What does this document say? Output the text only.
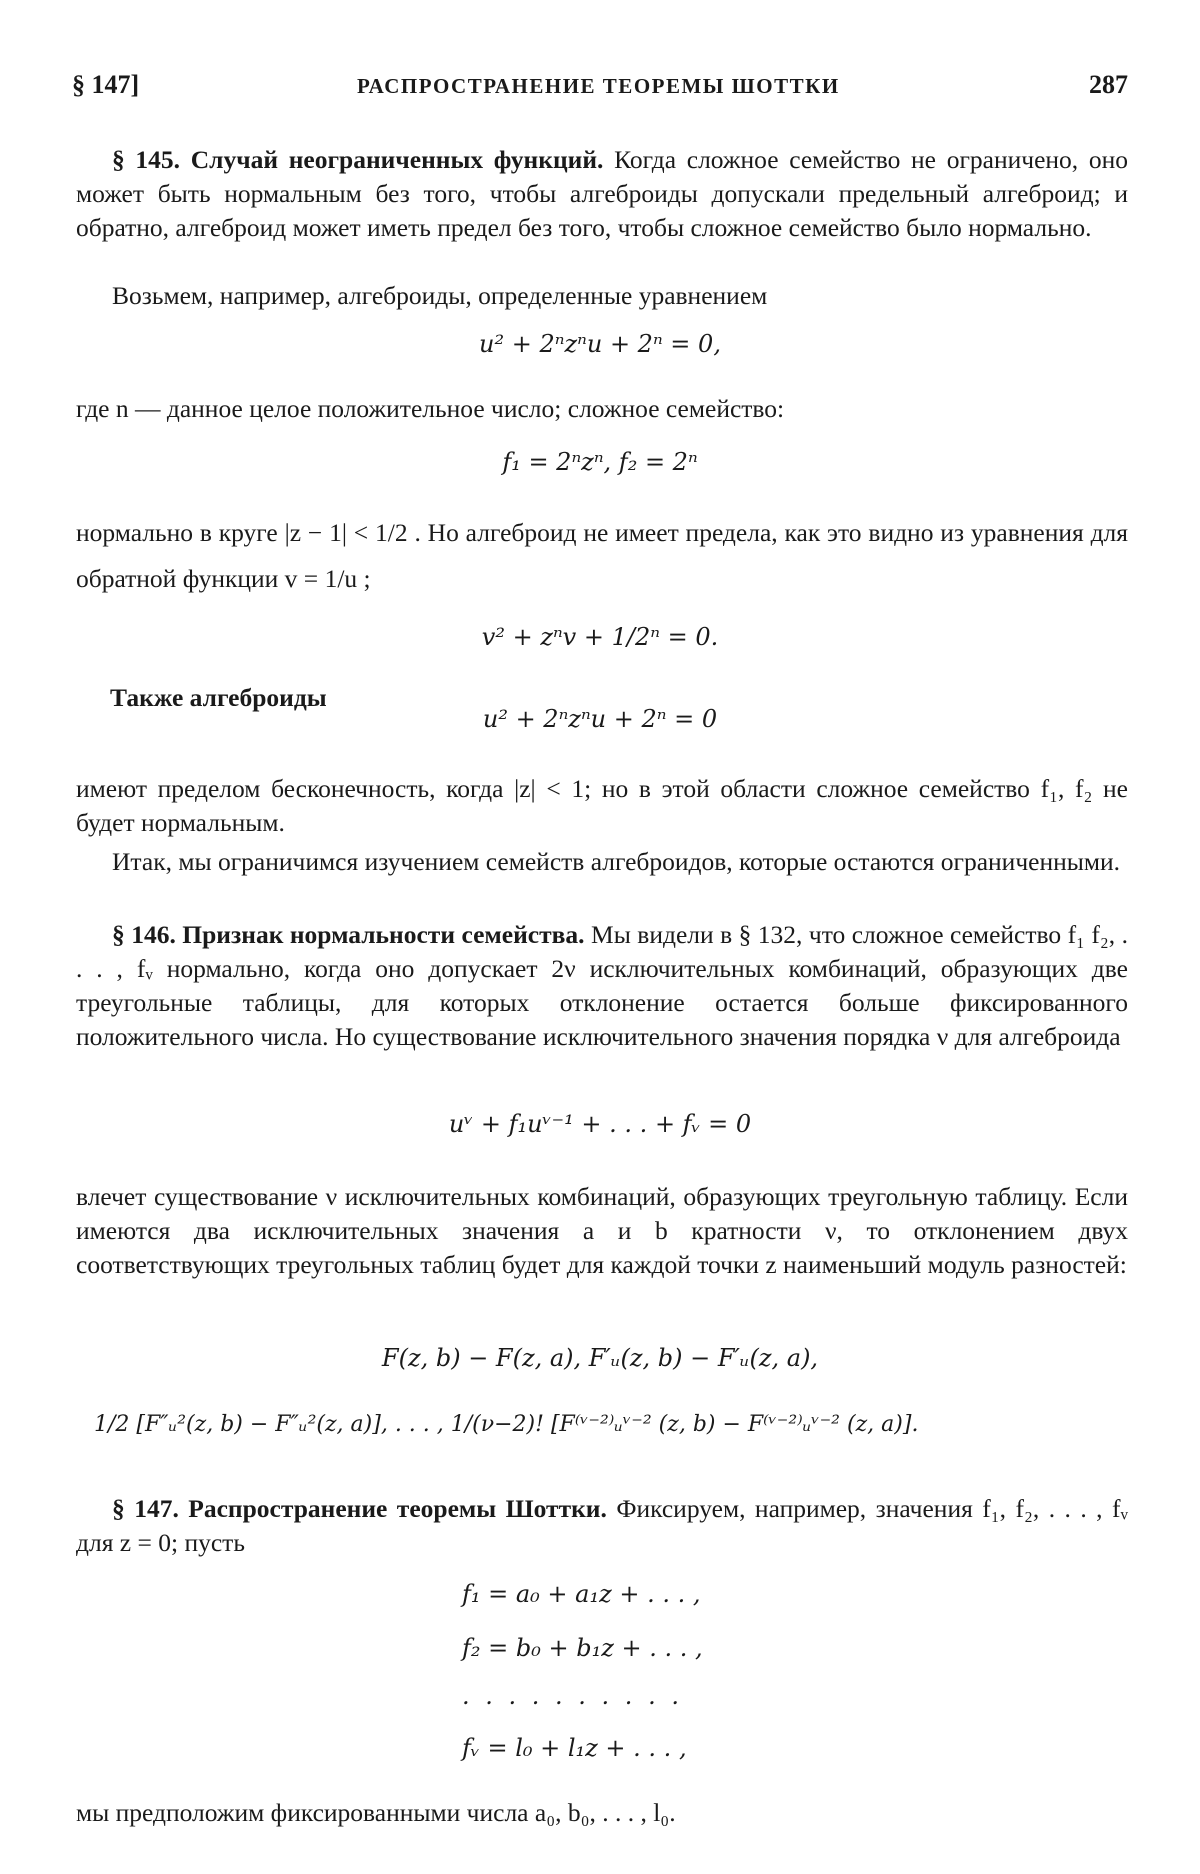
§ 147]	РАСПРОСТРАНЕНИЕ ТЕОРЕМЫ ШОТТКИ	287

§ 145. Случай неограниченных функций. Когда сложное семейство не ограничено, оно может быть нормальным без того, чтобы алгеброиды допускали предельный алгеброид; и обратно, алгеброид может иметь предел без того, чтобы сложное семейство было нормально.

Возьмем, например, алгеброиды, определенные уравнением

u² + 2ⁿzⁿu + 2ⁿ = 0,

где n — данное целое положительное число; сложное семейство:

f₁ = 2ⁿzⁿ, f₂ = 2ⁿ

нормально в круге |z − 1| < 1/2 . Но алгеброид не имеет предела, как это видно из уравнения для обратной функции v = 1/u ;

v² + zⁿv + 1/2ⁿ = 0.
Также алгеброиды
u² + 2ⁿzⁿu + 2ⁿ = 0

имеют пределом бесконечность, когда |z| < 1; но в этой области сложное семейство f₁, f₂ не будет нормальным.

Итак, мы ограничимся изучением семейств алгеброидов, которые остаются ограниченными.

§ 146. Признак нормальности семейства. Мы видели в § 132, что сложное семейство f₁ f₂, . . . , fᵥ нормально, когда оно допускает 2ν исключительных комбинаций, образующих две треугольные таблицы, для которых отклонение остается больше фиксированного положительного числа. Но существование исключительного значения порядка ν для алгеброида

uᵛ + f₁uᵛ⁻¹ + . . . + fᵥ = 0

влечет существование ν исключительных комбинаций, образующих треугольную таблицу. Если имеются два исключительных значения a и b кратности ν, то отклонением двух соответствующих треугольных таблиц будет для каждой точки z наименьший модуль разностей:

F(z, b) − F(z, a), F′ᵤ(z, b) − F′ᵤ(z, a),
1/2 [F″ᵤ²(z, b) − F″ᵤ²(z, a)], . . . , 1/(ν−2)! [F⁽ᵛ⁻²⁾ᵤᵛ⁻² (z, b) − F⁽ᵛ⁻²⁾ᵤᵛ⁻² (z, a)].

§ 147. Распространение теоремы Шоттки. Фиксируем, например, значения f₁, f₂, . . . , fᵥ для z = 0; пусть

f₁ = a₀ + a₁z + . . . ,
f₂ = b₀ + b₁z + . . . ,
. . . . . . . . . .
fᵥ = l₀ + l₁z + . . . ,

мы предположим фиксированными числа a₀, b₀, . . . , l₀.
